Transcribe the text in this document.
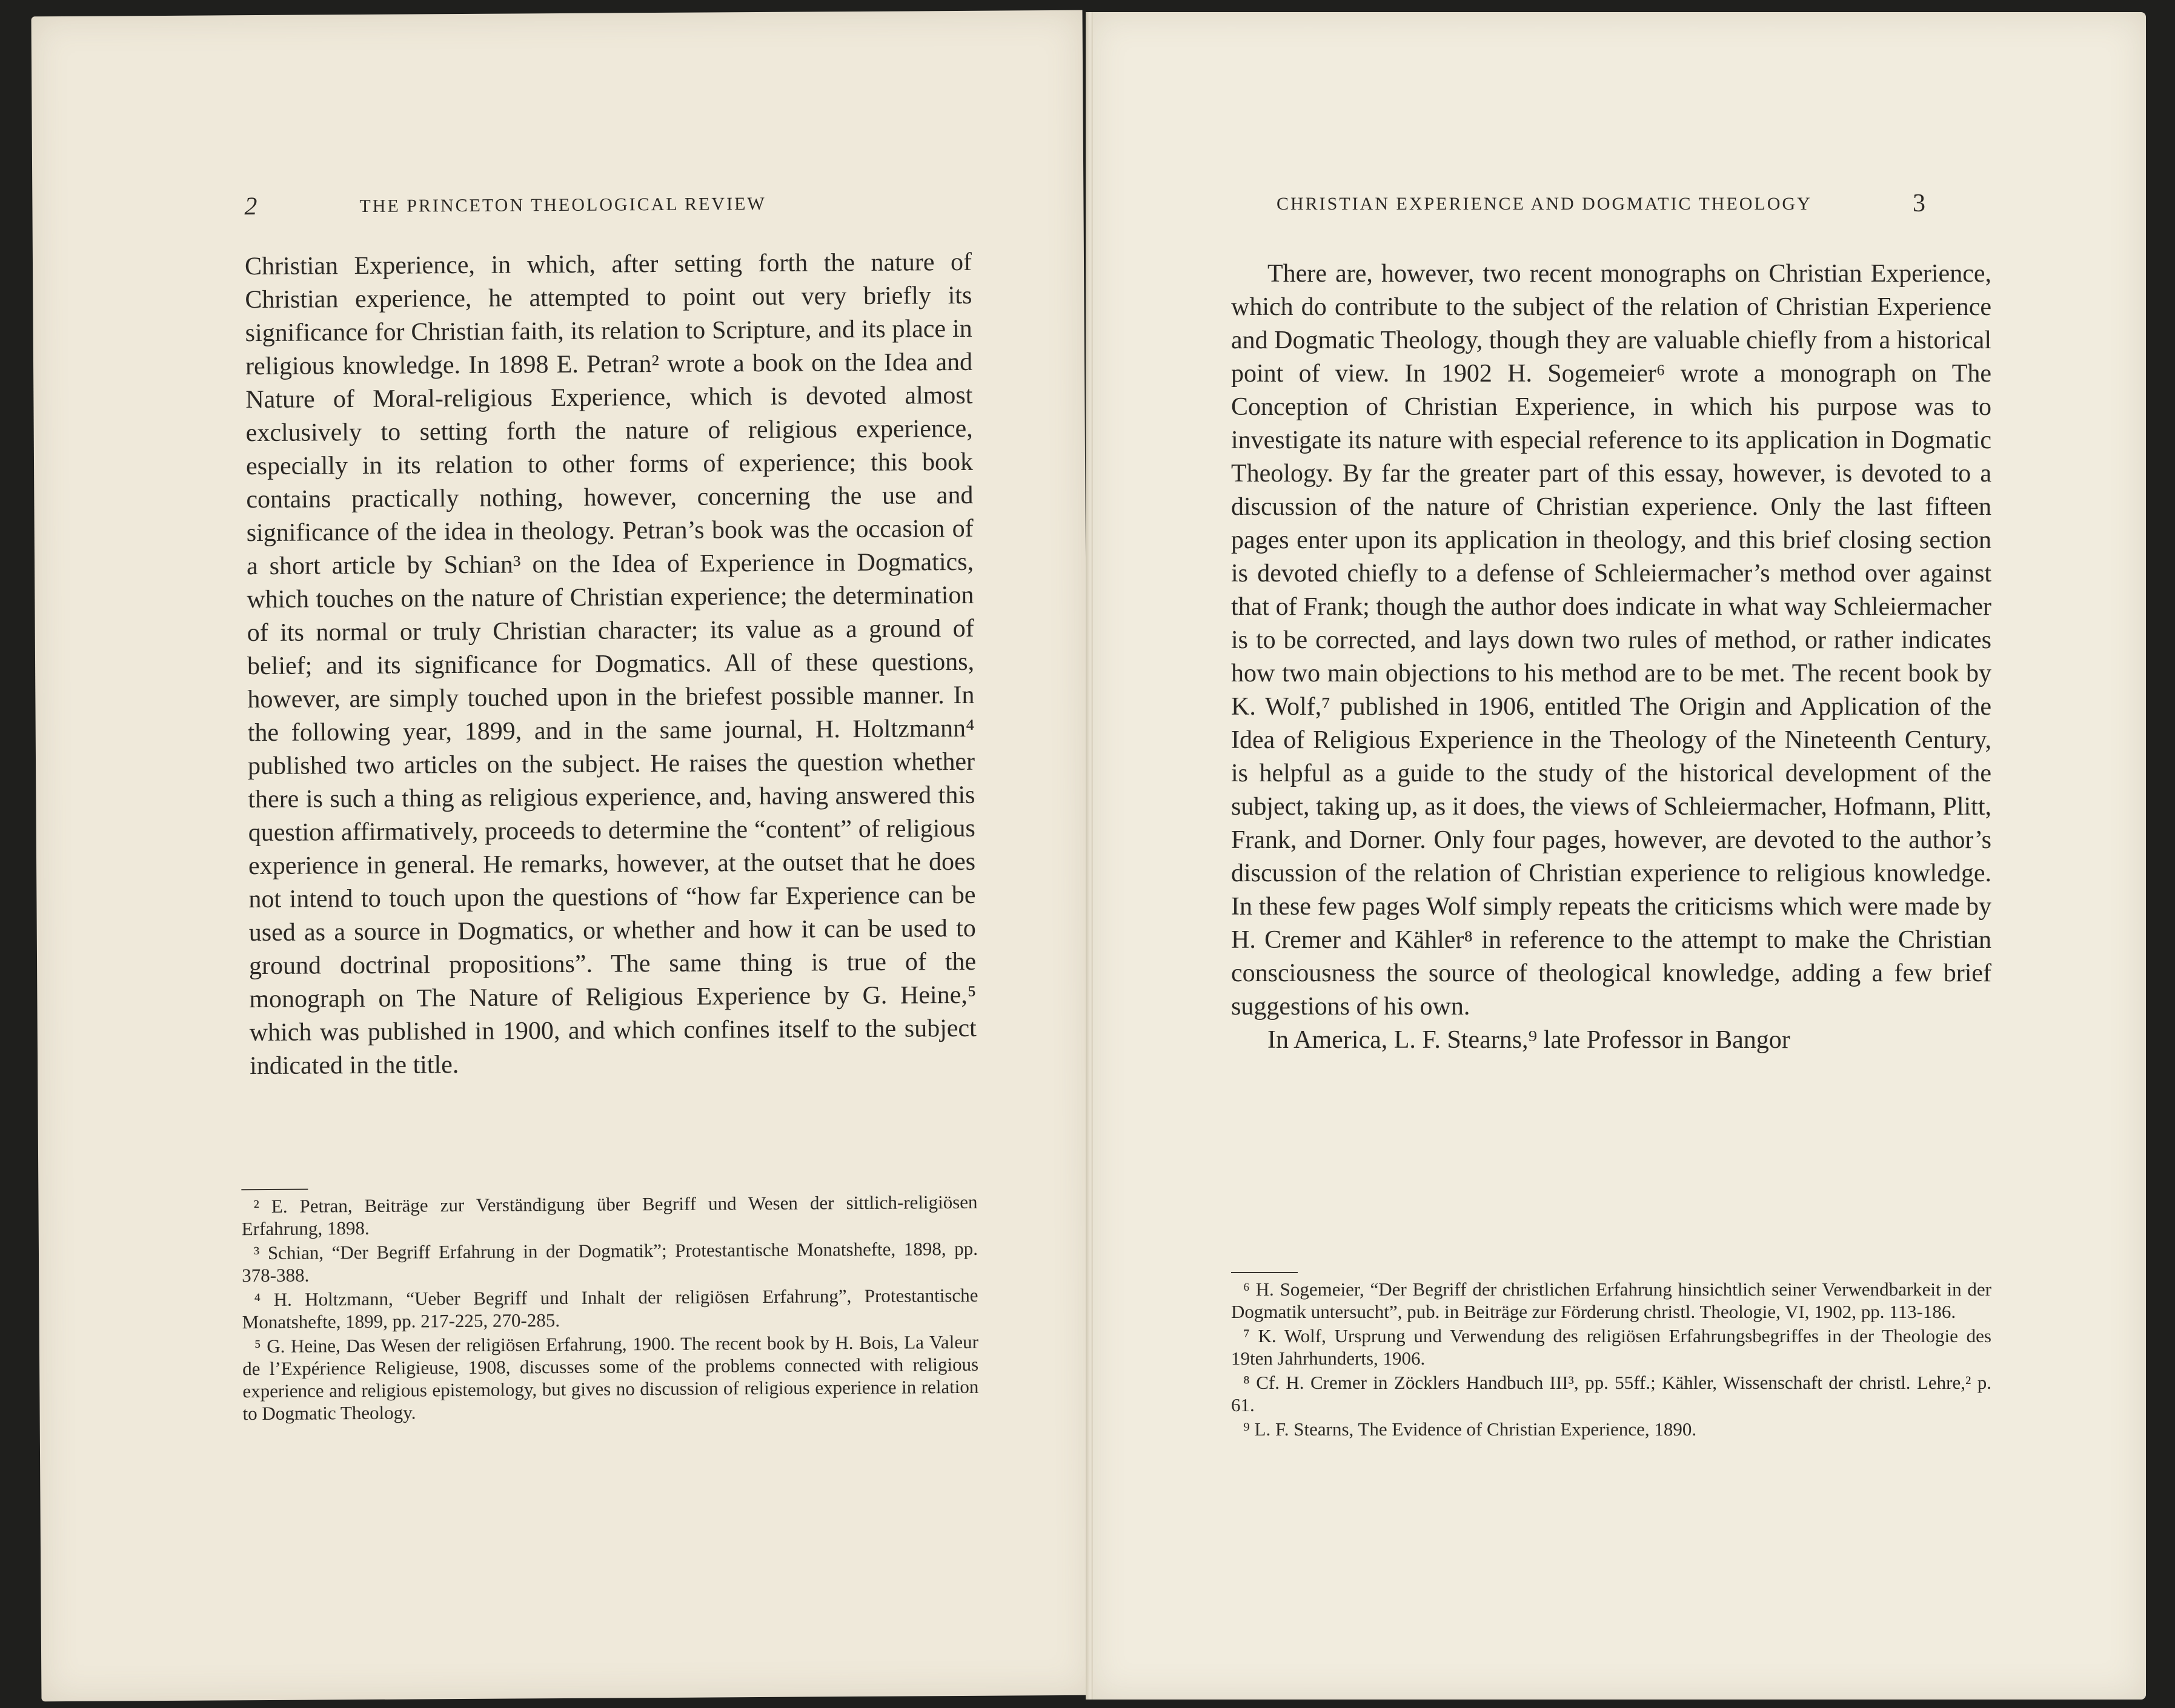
2	THE PRINCETON THEOLOGICAL REVIEW

Christian Experience, in which, after setting forth the nature of Christian experience, he attempted to point out very briefly its significance for Christian faith, its relation to Scripture, and its place in religious knowledge. In 1898 E. Petran² wrote a book on the Idea and Nature of Moral-religious Experience, which is devoted almost exclusively to setting forth the nature of religious experience, especially in its relation to other forms of experience; this book contains practically nothing, however, concerning the use and significance of the idea in theology. Petran’s book was the occasion of a short article by Schian³ on the Idea of Experience in Dogmatics, which touches on the nature of Christian experience; the determination of its normal or truly Christian character; its value as a ground of belief; and its significance for Dogmatics. All of these questions, however, are simply touched upon in the briefest possible manner. In the following year, 1899, and in the same journal, H. Holtzmann⁴ published two articles on the subject. He raises the question whether there is such a thing as religious experience, and, having answered this question affirmatively, proceeds to determine the “content” of religious experience in general. He remarks, however, at the outset that he does not intend to touch upon the questions of “how far Experience can be used as a source in Dogmatics, or whether and how it can be used to ground doctrinal propositions”. The same thing is true of the monograph on The Nature of Religious Experience by G. Heine,⁵ which was published in 1900, and which confines itself to the subject indicated in the title.

² E. Petran, Beiträge zur Verständigung über Begriff und Wesen der sittlich-religiösen Erfahrung, 1898.

³ Schian, “Der Begriff Erfahrung in der Dogmatik”; Protestantische Monatshefte, 1898, pp. 378-388.

⁴ H. Holtzmann, “Ueber Begriff und Inhalt der religiösen Erfahrung”, Protestantische Monatshefte, 1899, pp. 217-225, 270-285.

⁵ G. Heine, Das Wesen der religiösen Erfahrung, 1900. The recent book by H. Bois, La Valeur de l’Expérience Religieuse, 1908, discusses some of the problems connected with religious experience and religious epistemology, but gives no discussion of religious experience in relation to Dogmatic Theology.

CHRISTIAN EXPERIENCE AND DOGMATIC THEOLOGY	3

There are, however, two recent monographs on Christian Experience, which do contribute to the subject of the relation of Christian Experience and Dogmatic Theology, though they are valuable chiefly from a historical point of view. In 1902 H. Sogemeier⁶ wrote a monograph on The Conception of Christian Experience, in which his purpose was to investigate its nature with especial reference to its application in Dogmatic Theology. By far the greater part of this essay, however, is devoted to a discussion of the nature of Christian experience. Only the last fifteen pages enter upon its application in theology, and this brief closing section is devoted chiefly to a defense of Schleiermacher’s method over against that of Frank; though the author does indicate in what way Schleiermacher is to be corrected, and lays down two rules of method, or rather indicates how two main objections to his method are to be met. The recent book by K. Wolf,⁷ published in 1906, entitled The Origin and Application of the Idea of Religious Experience in the Theology of the Nineteenth Century, is helpful as a guide to the study of the historical development of the subject, taking up, as it does, the views of Schleiermacher, Hofmann, Plitt, Frank, and Dorner. Only four pages, however, are devoted to the author’s discussion of the relation of Christian experience to religious knowledge. In these few pages Wolf simply repeats the criticisms which were made by H. Cremer and Kähler⁸ in reference to the attempt to make the Christian consciousness the source of theological knowledge, adding a few brief suggestions of his own.

In America, L. F. Stearns,⁹ late Professor in Bangor

⁶ H. Sogemeier, “Der Begriff der christlichen Erfahrung hinsichtlich seiner Verwendbarkeit in der Dogmatik untersucht”, pub. in Beiträge zur Förderung christl. Theologie, VI, 1902, pp. 113-186.

⁷ K. Wolf, Ursprung und Verwendung des religiösen Erfahrungsbegriffes in der Theologie des 19ten Jahrhunderts, 1906.

⁸ Cf. H. Cremer in Zöcklers Handbuch III³, pp. 55ff.; Kähler, Wissenschaft der christl. Lehre,² p. 61.

⁹ L. F. Stearns, The Evidence of Christian Experience, 1890.
